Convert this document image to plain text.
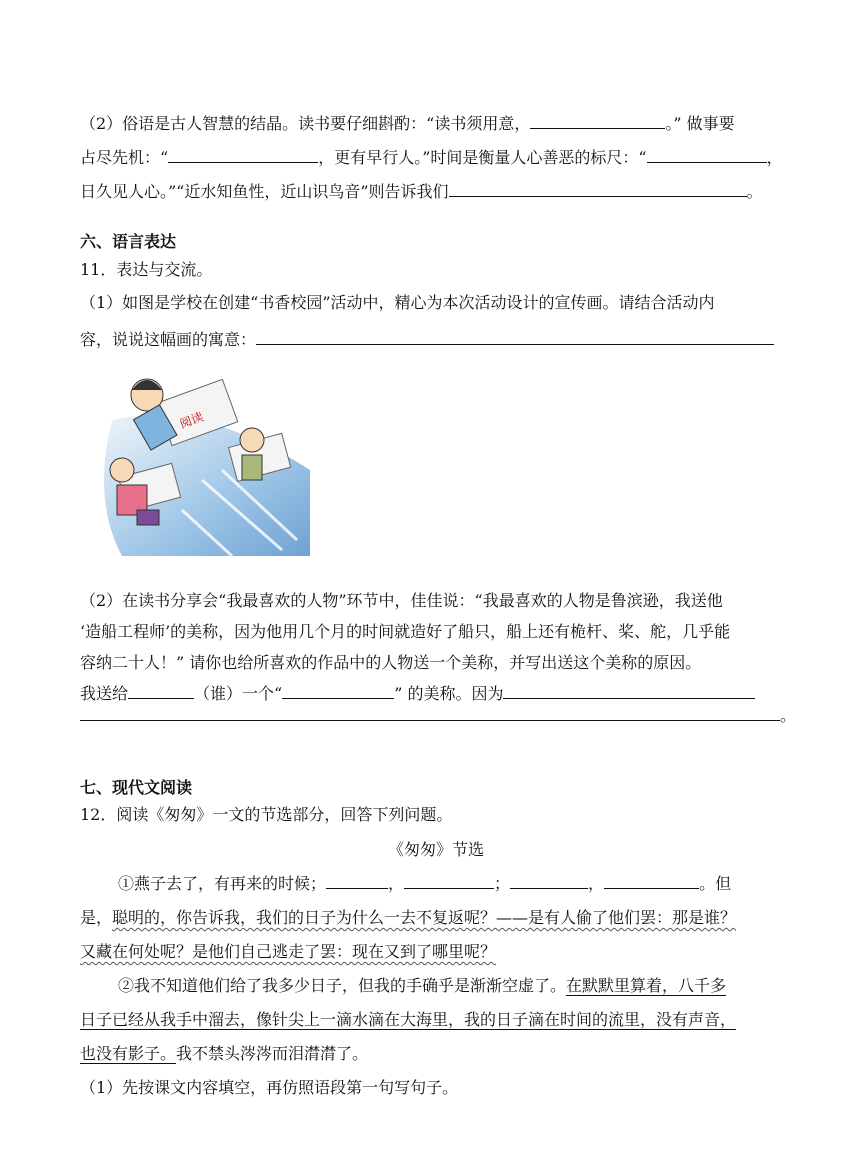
（2）俗语是古人智慧的结晶。读书要仔细斟酌：“读书须用意，	。” 做事要
占尽先机：“	，更有早行人。”时间是衡量人心善恶的标尺：“	，
日久见人心。”“近水知鱼性，近山识鸟音”则告诉我们	。
六、语言表达
11．表达与交流。
（1）如图是学校在创建“书香校园”活动中，精心为本次活动设计的宣传画。请结合活动内
容，说说这幅画的寓意：
阅读
（2）在读书分享会“我最喜欢的人物”环节中，佳佳说：“我最喜欢的人物是鲁滨逊，我送他
‘造船工程师’的美称，因为他用几个月的时间就造好了船只，船上还有桅杆、桨、舵，几乎能
容纳二十人！” 请你也给所喜欢的作品中的人物送一个美称，并写出送这个美称的原因。
我送给	（谁）一个“	” 的美称。因为
。
七、现代文阅读
12．阅读《匆匆》一文的节选部分，回答下列问题。
《匆匆》节选
①燕子去了，有再来的时候；	，	；	，	。但
是，聪明的，你告诉我，我们的日子为什么一去不复返呢？——是有人偷了他们罢：那是谁？
又藏在何处呢？是他们自己逃走了罢：现在又到了哪里呢？
②我不知道他们给了我多少日子，但我的手确乎是渐渐空虚了。在默默里算着，八千多
日子已经从我手中溜去，像针尖上一滴水滴在大海里，我的日子滴在时间的流里，没有声音，
也没有影子。我不禁头涔涔而泪潸潸了。
（1）先按课文内容填空，再仿照语段第一句写句子。
